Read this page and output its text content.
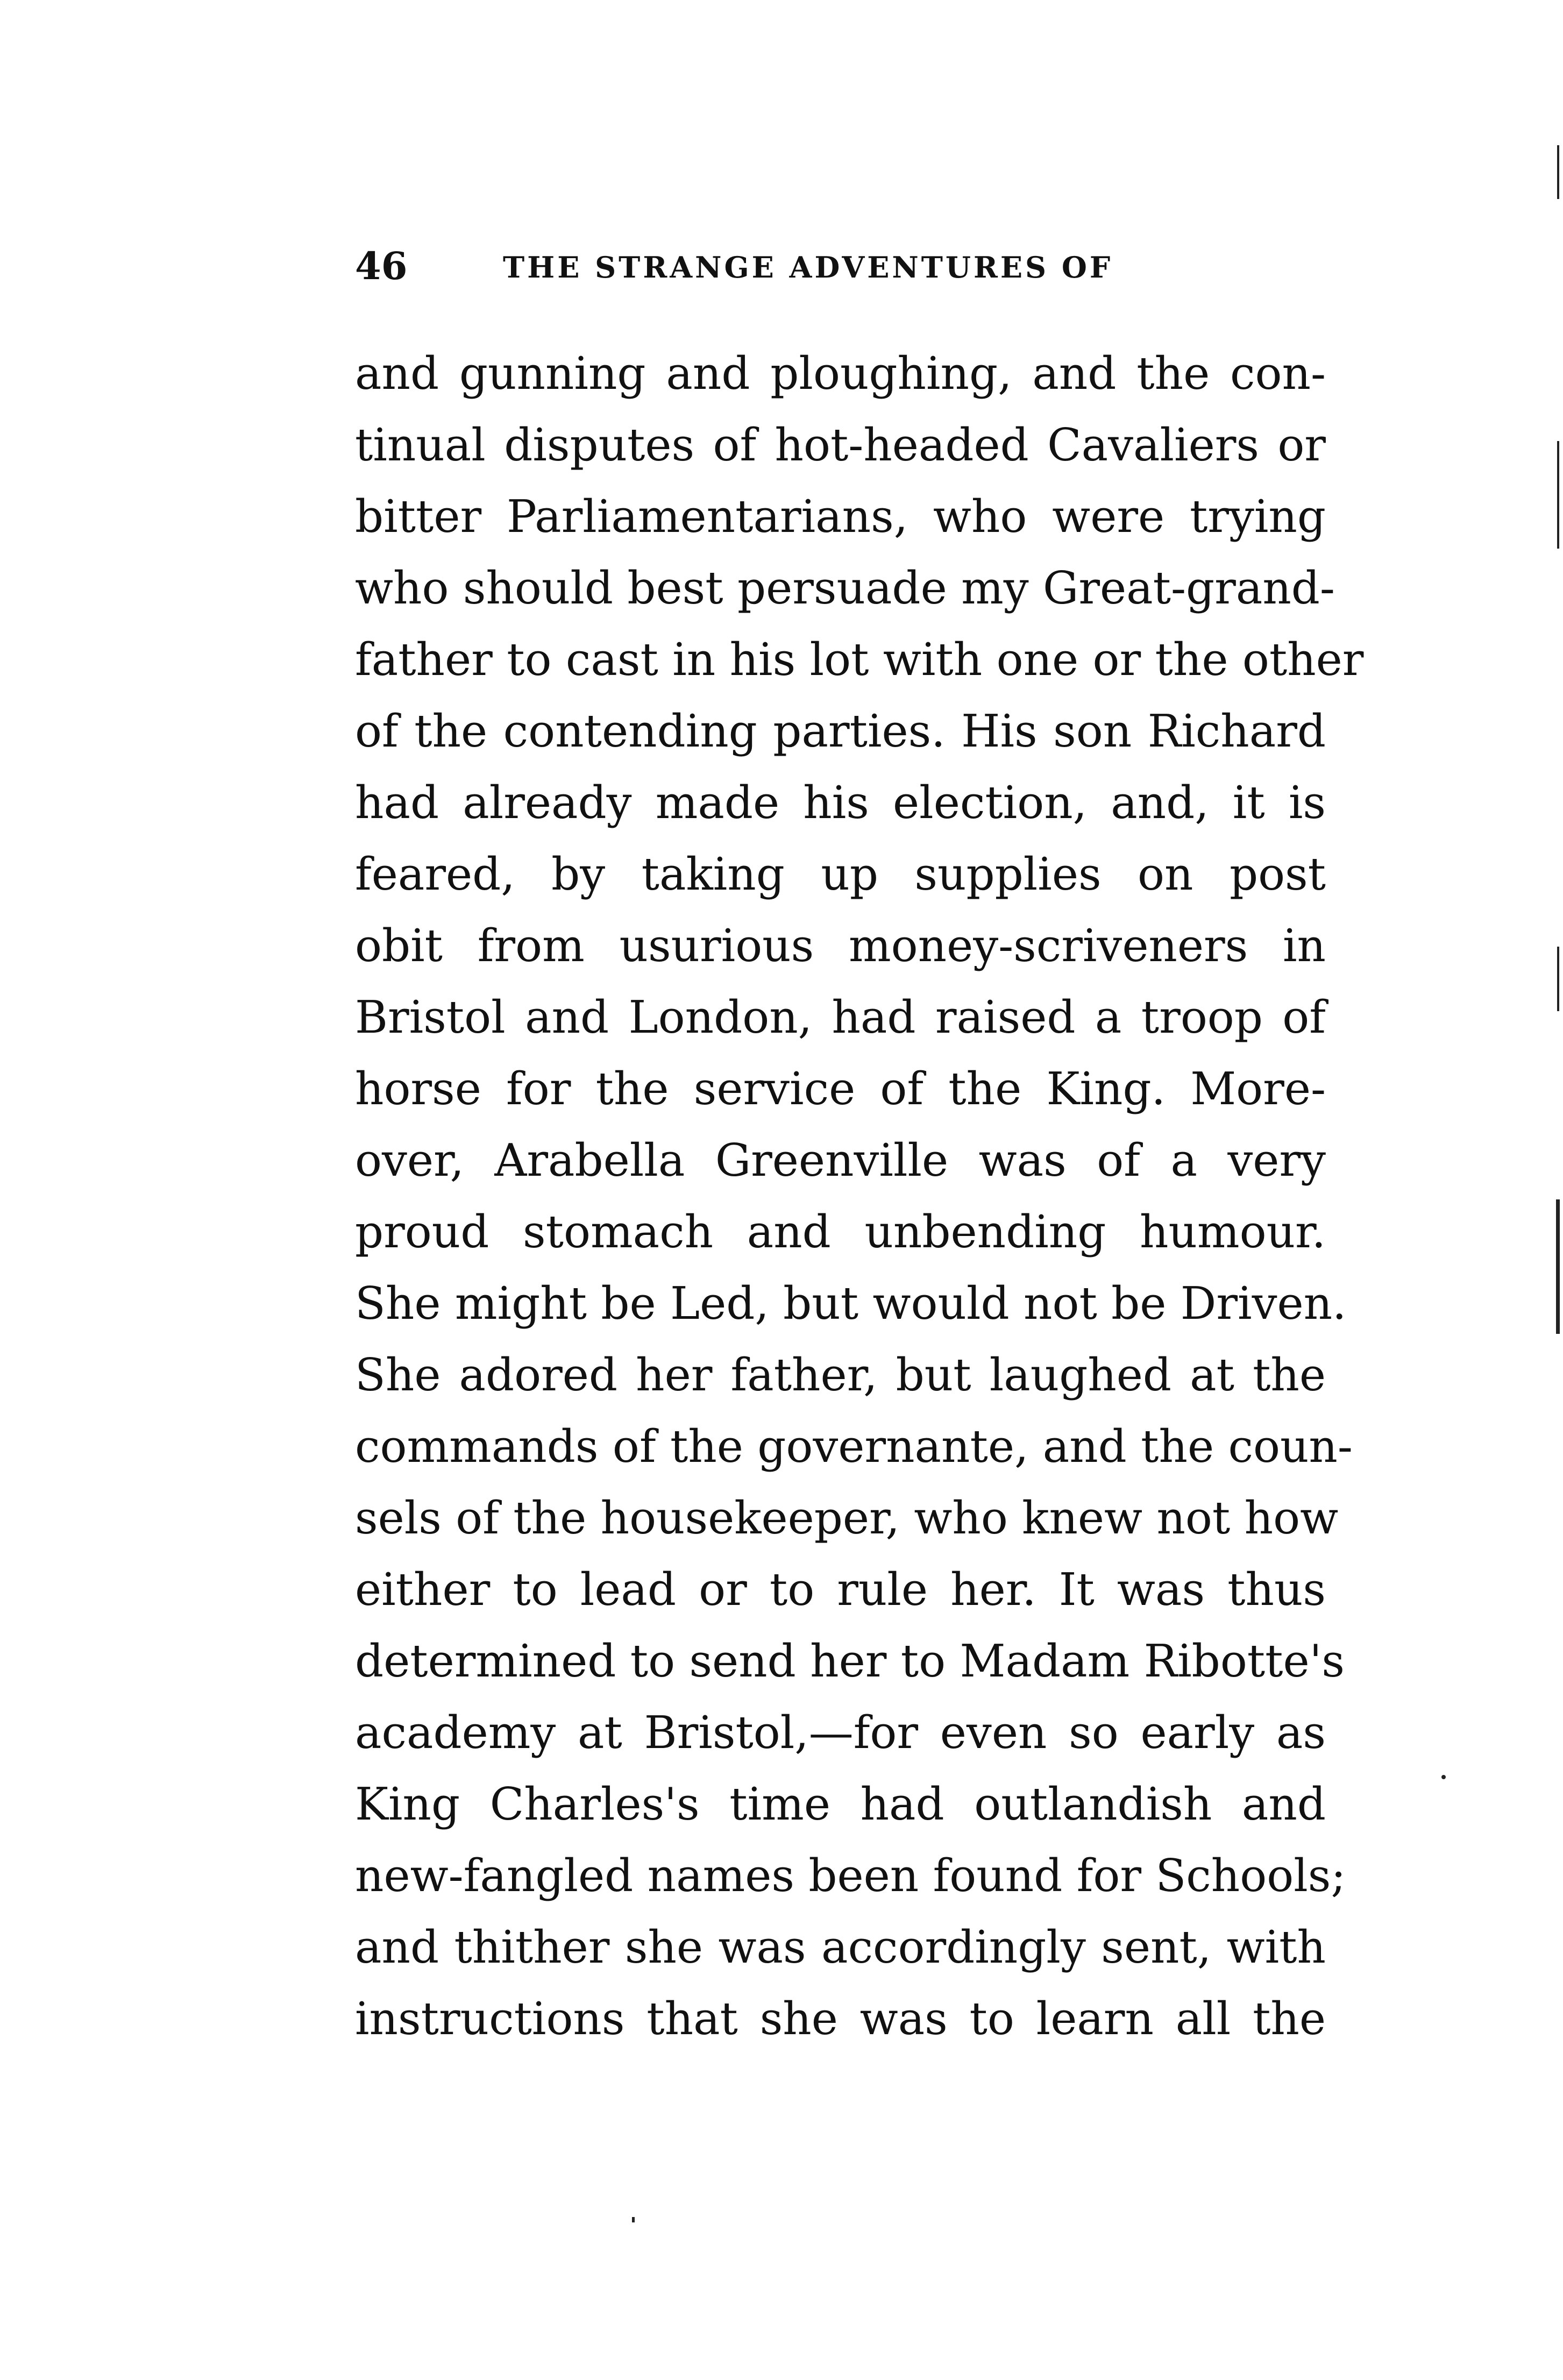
46	THE STRANGE ADVENTURES OF
and gunning and ploughing, and the con-
tinual disputes of hot-headed Cavaliers or
bitter Parliamentarians, who were trying
who should best persuade my Great-grand-
father to cast in his lot with one or the other
of the contending parties. His son Richard
had already made his election, and, it is
feared, by taking up supplies on post
obit from usurious money-scriveners in
Bristol and London, had raised a troop of
horse for the service of the King. More-
over, Arabella Greenville was of a very
proud stomach and unbending humour.
She might be Led, but would not be Driven.
She adored her father, but laughed at the
commands of the governante, and the coun-
sels of the housekeeper, who knew not how
either to lead or to rule her. It was thus
determined to send her to Madam Ribotte's
academy at Bristol,—for even so early as
King Charles's time had outlandish and
new-fangled names been found for Schools;
and thither she was accordingly sent, with
instructions that she was to learn all the
